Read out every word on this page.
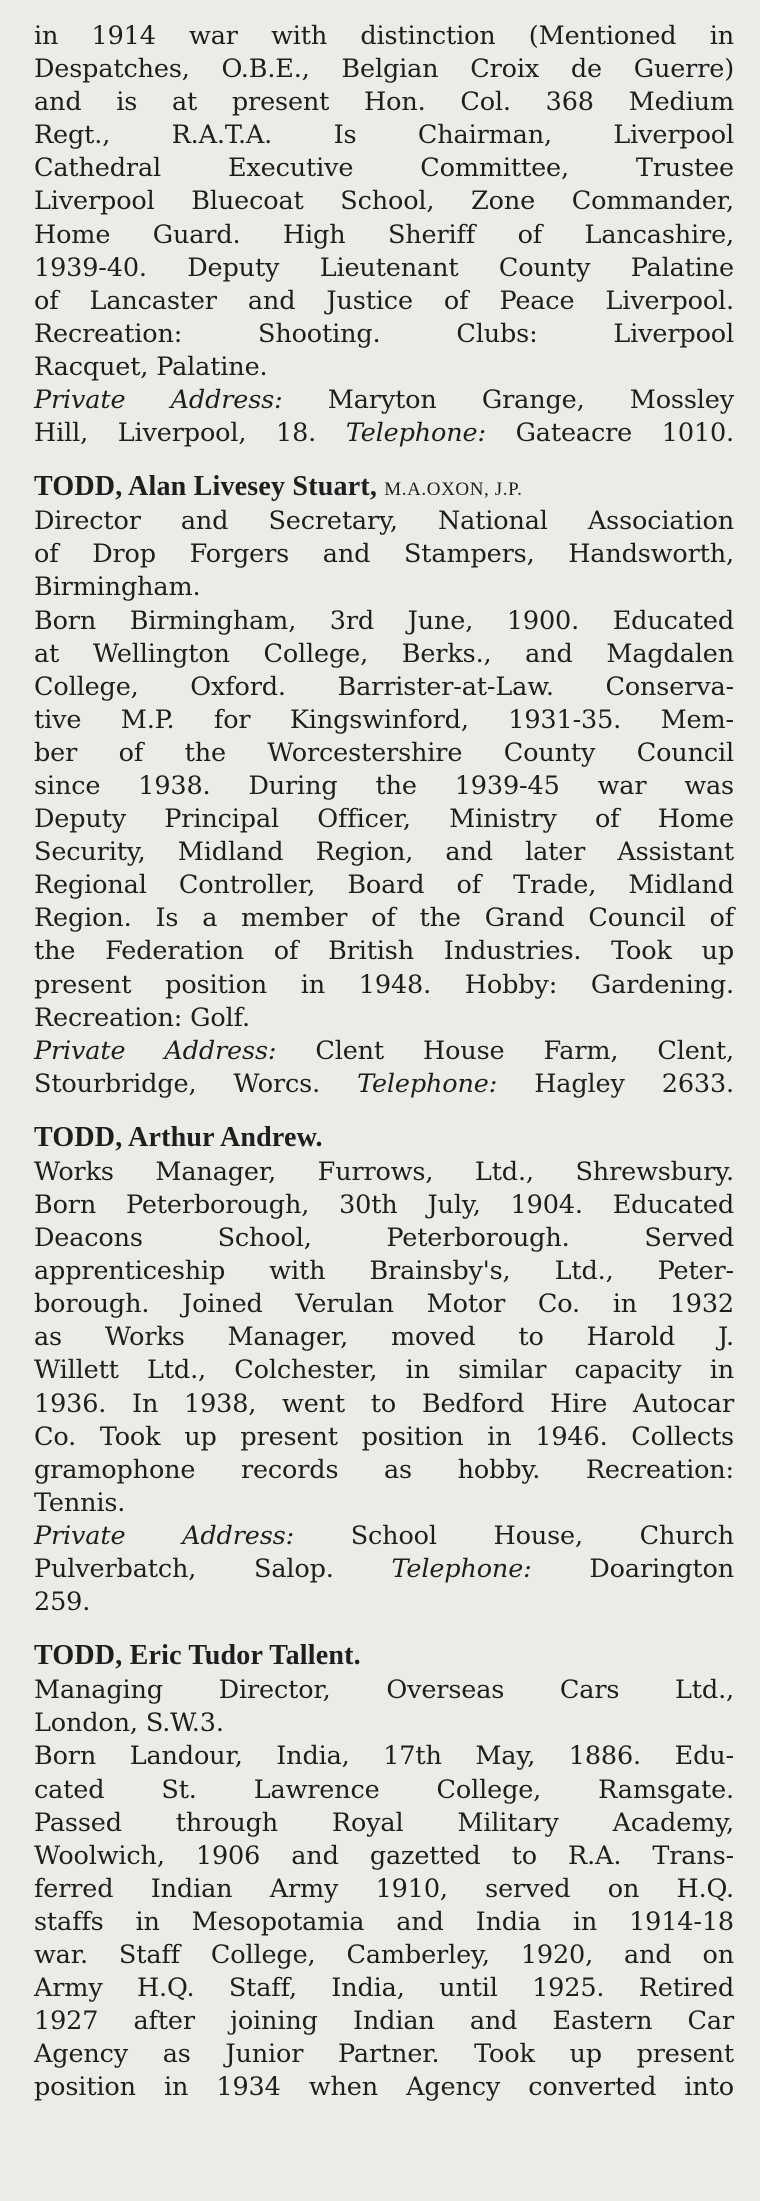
in 1914 war with distinction (Mentioned in
Despatches, O.B.E., Belgian Croix de Guerre)
and is at present Hon. Col. 368 Medium
Regt., R.A.T.A. Is Chairman, Liverpool
Cathedral Executive Committee, Trustee
Liverpool Bluecoat School, Zone Commander,
Home Guard. High Sheriff of Lancashire,
1939-40. Deputy Lieutenant County Palatine
of Lancaster and Justice of Peace Liverpool.
Recreation: Shooting. Clubs: Liverpool
Racquet, Palatine.
Private Address: Maryton Grange, Mossley
Hill, Liverpool, 18. Telephone: Gateacre 1010.
TODD, Alan Livesey Stuart, M.A.OXON, J.P.
Director and Secretary, National Association
of Drop Forgers and Stampers, Handsworth,
Birmingham.
Born Birmingham, 3rd June, 1900. Educated
at Wellington College, Berks., and Magdalen
College, Oxford. Barrister-at-Law. Conserva-
tive M.P. for Kingswinford, 1931-35. Mem-
ber of the Worcestershire County Council
since 1938. During the 1939-45 war was
Deputy Principal Officer, Ministry of Home
Security, Midland Region, and later Assistant
Regional Controller, Board of Trade, Midland
Region. Is a member of the Grand Council of
the Federation of British Industries. Took up
present position in 1948. Hobby: Gardening.
Recreation: Golf.
Private Address: Clent House Farm, Clent,
Stourbridge, Worcs. Telephone: Hagley 2633.
TODD, Arthur Andrew.
Works Manager, Furrows, Ltd., Shrewsbury.
Born Peterborough, 30th July, 1904. Educated
Deacons School, Peterborough. Served
apprenticeship with Brainsby's, Ltd., Peter-
borough. Joined Verulan Motor Co. in 1932
as Works Manager, moved to Harold J.
Willett Ltd., Colchester, in similar capacity in
1936. In 1938, went to Bedford Hire Autocar
Co. Took up present position in 1946. Collects
gramophone records as hobby. Recreation:
Tennis.
Private Address: School House, Church
Pulverbatch, Salop. Telephone: Doarington
259.
TODD, Eric Tudor Tallent.
Managing Director, Overseas Cars Ltd.,
London, S.W.3.
Born Landour, India, 17th May, 1886. Edu-
cated St. Lawrence College, Ramsgate.
Passed through Royal Military Academy,
Woolwich, 1906 and gazetted to R.A. Trans-
ferred Indian Army 1910, served on H.Q.
staffs in Mesopotamia and India in 1914-18
war. Staff College, Camberley, 1920, and on
Army H.Q. Staff, India, until 1925. Retired
1927 after joining Indian and Eastern Car
Agency as Junior Partner. Took up present
position in 1934 when Agency converted into
